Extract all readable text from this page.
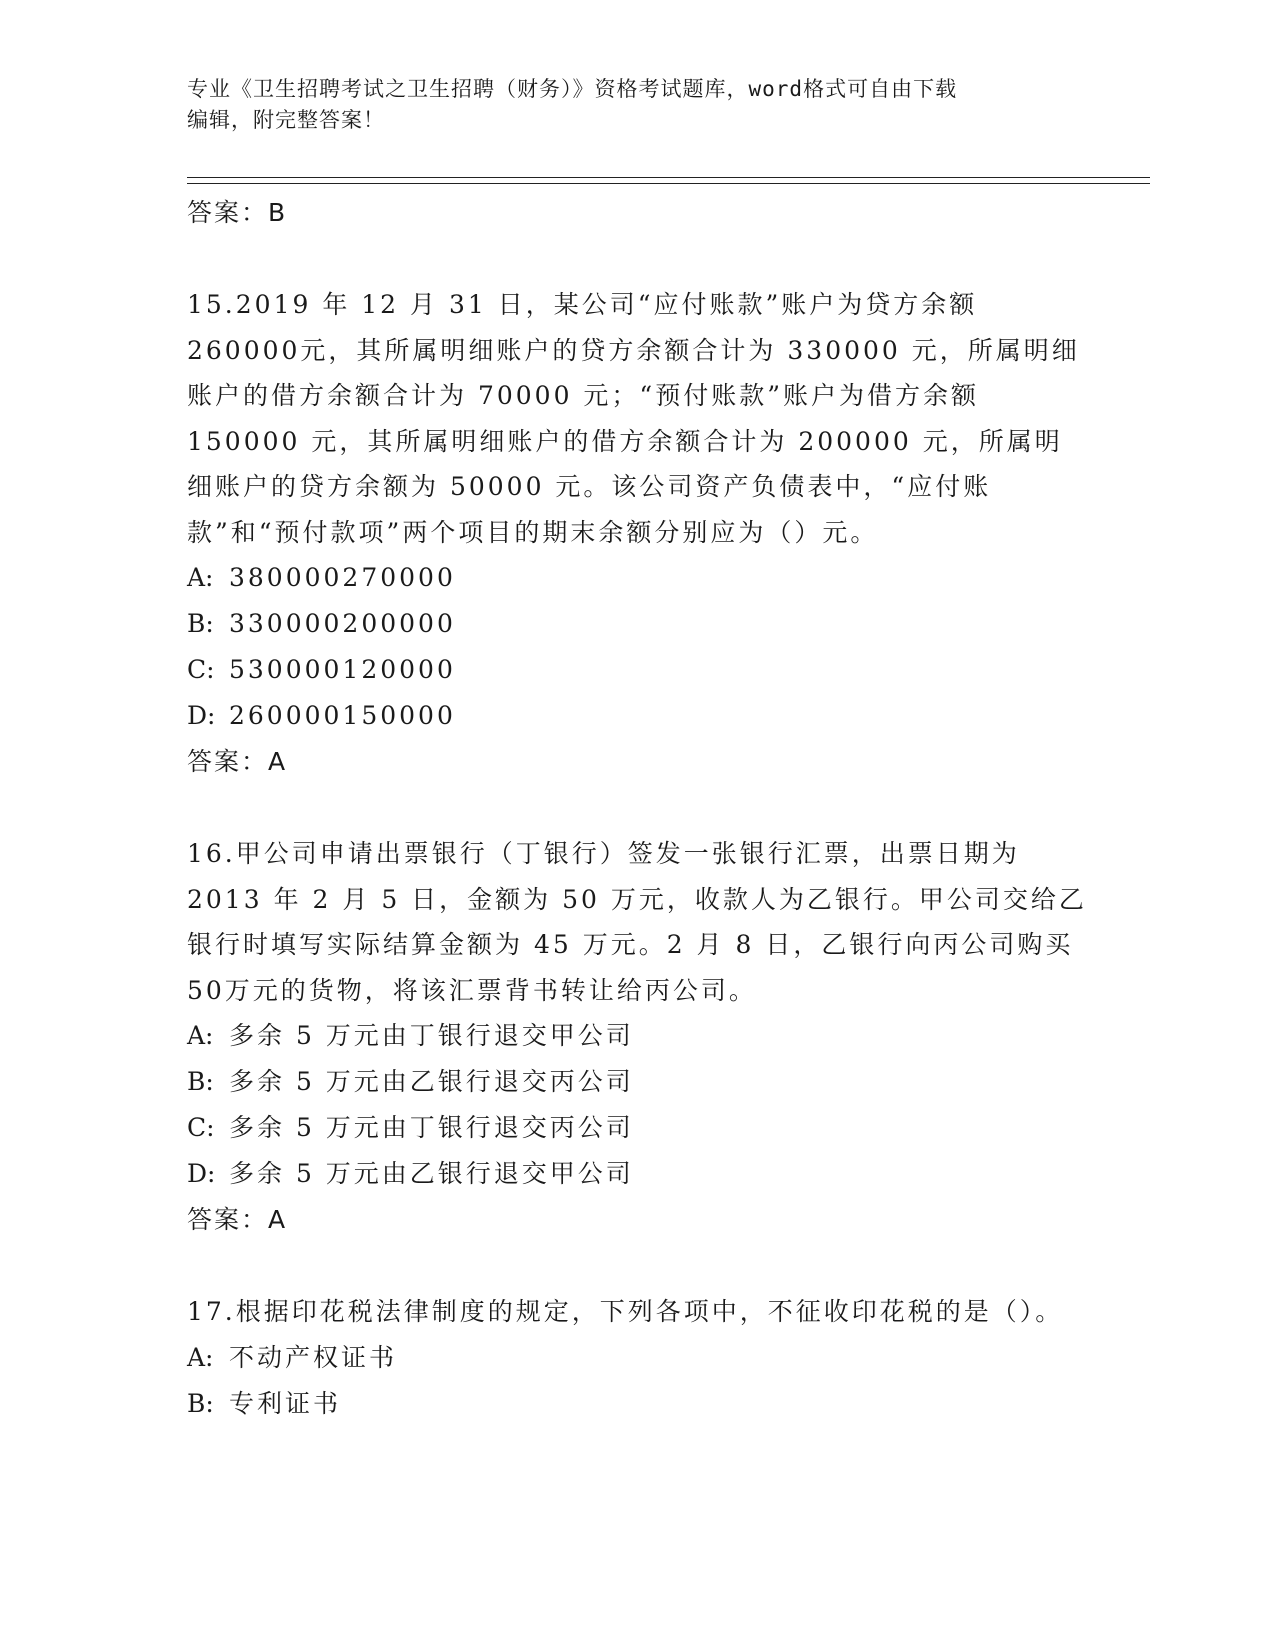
专业《卫生招聘考试之卫生招聘（财务）》资格考试题库，word格式可自由下载
编辑，附完整答案！
答案：B

15.2019 年 12 月 31 日，某公司“应付账款”账户为贷方余额 260000元，其所属明细账户的贷方余额合计为 330000 元，所属明细账户的借方余额合计为 70000 元；“预付账款”账户为借方余额 150000 元，其所属明细账户的借方余额合计为 200000 元，所属明细账户的贷方余额为 50000 元。该公司资产负债表中，“应付账款”和“预付款项”两个项目的期末余额分别应为（）元。

A: 380000270000

B: 330000200000

C: 530000120000

D: 260000150000

答案：A

16.甲公司申请出票银行（丁银行）签发一张银行汇票，出票日期为2013 年 2 月 5 日，金额为 50 万元，收款人为乙银行。甲公司交给乙银行时填写实际结算金额为 45 万元。2 月 8 日，乙银行向丙公司购买 50万元的货物，将该汇票背书转让给丙公司。

A: 多余 5 万元由丁银行退交甲公司

B: 多余 5 万元由乙银行退交丙公司

C: 多余 5 万元由丁银行退交丙公司

D: 多余 5 万元由乙银行退交甲公司

答案：A

17.根据印花税法律制度的规定，下列各项中，不征收印花税的是（）。

A: 不动产权证书

B: 专利证书
